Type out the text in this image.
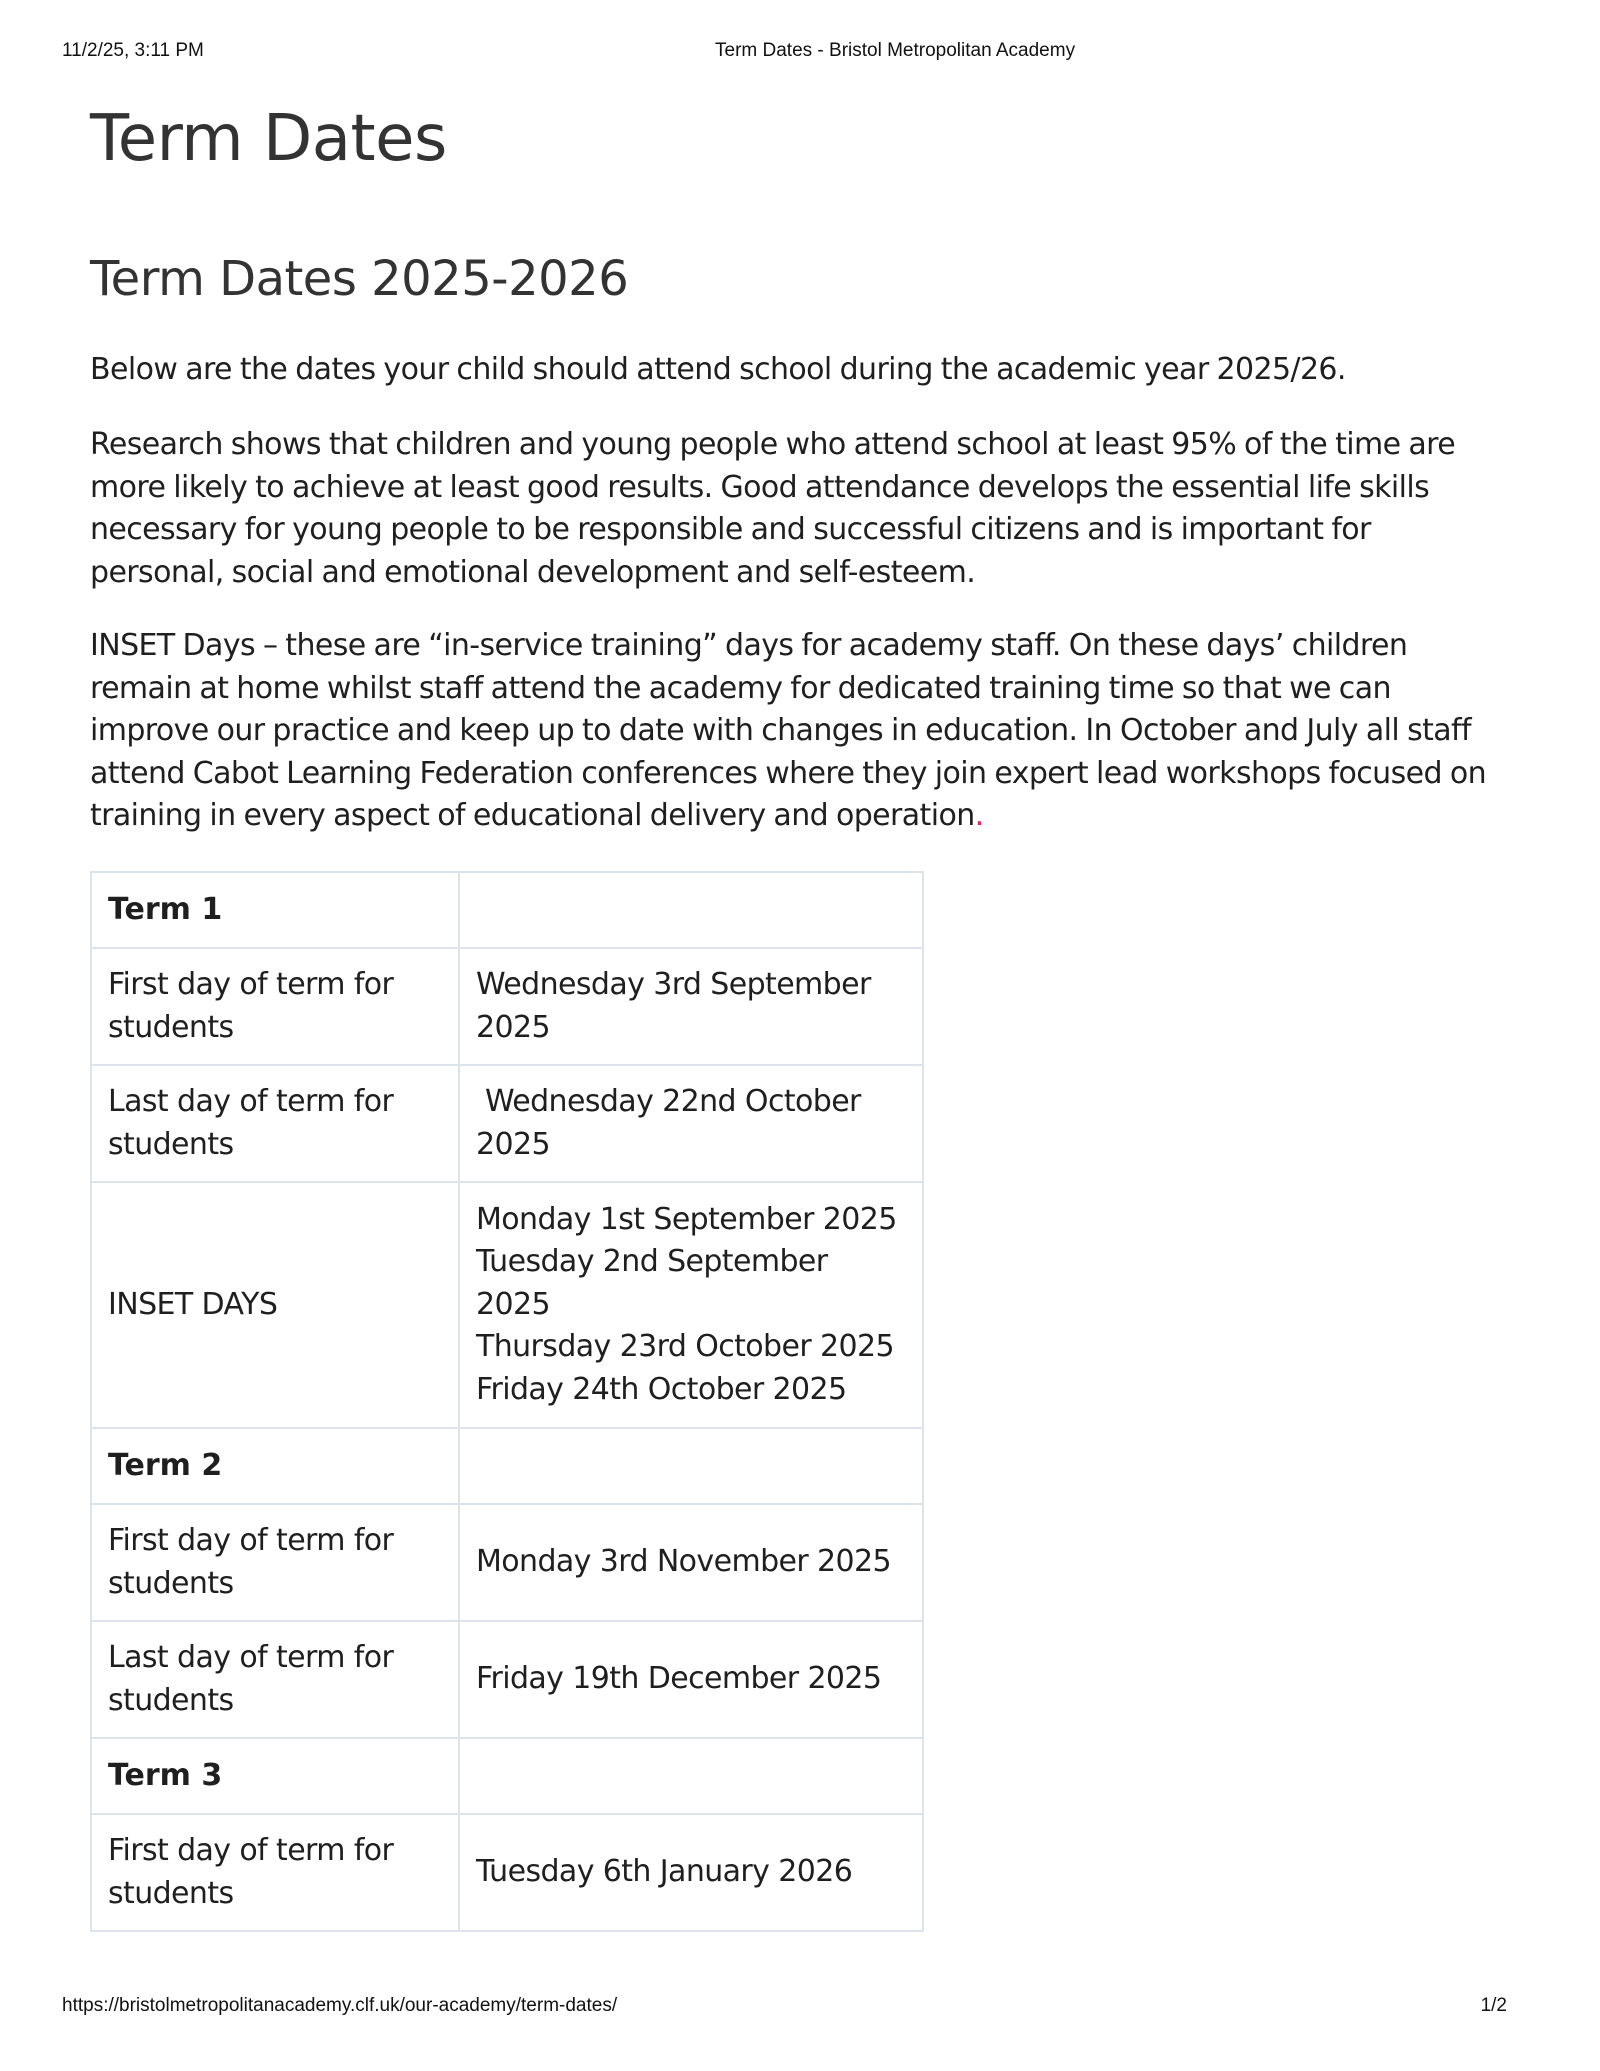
11/2/25, 3:11 PM	Term Dates - Bristol Metropolitan Academy
Term Dates
Term Dates 2025-2026

Below are the dates your child should attend school during the academic year 2025/26.

Research shows that children and young people who attend school at least 95% of the time are more likely to achieve at least good results. Good attendance develops the essential life skills necessary for young people to be responsible and successful citizens and is important for personal, social and emotional development and self-esteem.

INSET Days – these are “in-service training” days for academy staff. On these days’ children remain at home whilst staff attend the academy for dedicated training time so that we can improve our practice and keep up to date with changes in education. In October and July all staff attend Cabot Learning Federation conferences where they join expert lead workshops focused on training in every aspect of educational delivery and operation.

Term 1	
First day of term for students	Wednesday 3rd September 2025
Last day of term for students	Wednesday 22nd October 2025
INSET DAYS	Monday 1st September 2025
Tuesday 2nd September 2025
Thursday 23rd October 2025
Friday 24th October 2025

Term 2	
First day of term for students	Monday 3rd November 2025
Last day of term for students	Friday 19th December 2025
Term 3	
First day of term for students	Tuesday 6th January 2026
https://bristolmetropolitanacademy.clf.uk/our-academy/term-dates/	1/2
